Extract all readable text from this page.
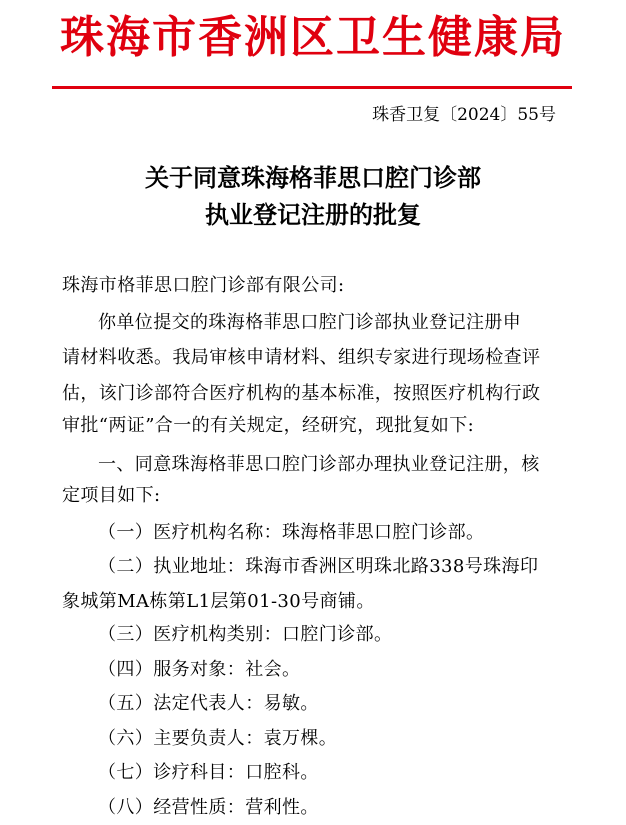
珠海市香洲区卫生健康局
珠香卫复〔2024〕55号
关于同意珠海格菲思口腔门诊部
执业登记注册的批复
珠海市格菲思口腔门诊部有限公司:
你单位提交的珠海格菲思口腔门诊部执业登记注册申
请材料收悉。我局审核申请材料、组织专家进行现场检查评
估，该门诊部符合医疗机构的基本标准，按照医疗机构行政
审批“两证”合一的有关规定，经研究，现批复如下:
一、同意珠海格菲思口腔门诊部办理执业登记注册，核
定项目如下:
（一）医疗机构名称：珠海格菲思口腔门诊部。
（二）执业地址：珠海市香洲区明珠北路338号珠海印
象城第MA栋第L1层第01-30号商铺。
（三）医疗机构类别：口腔门诊部。
（四）服务对象：社会。
（五）法定代表人：易敏。
（六）主要负责人：袁万棵。
（七）诊疗科目：口腔科。
（八）经营性质：营利性。
